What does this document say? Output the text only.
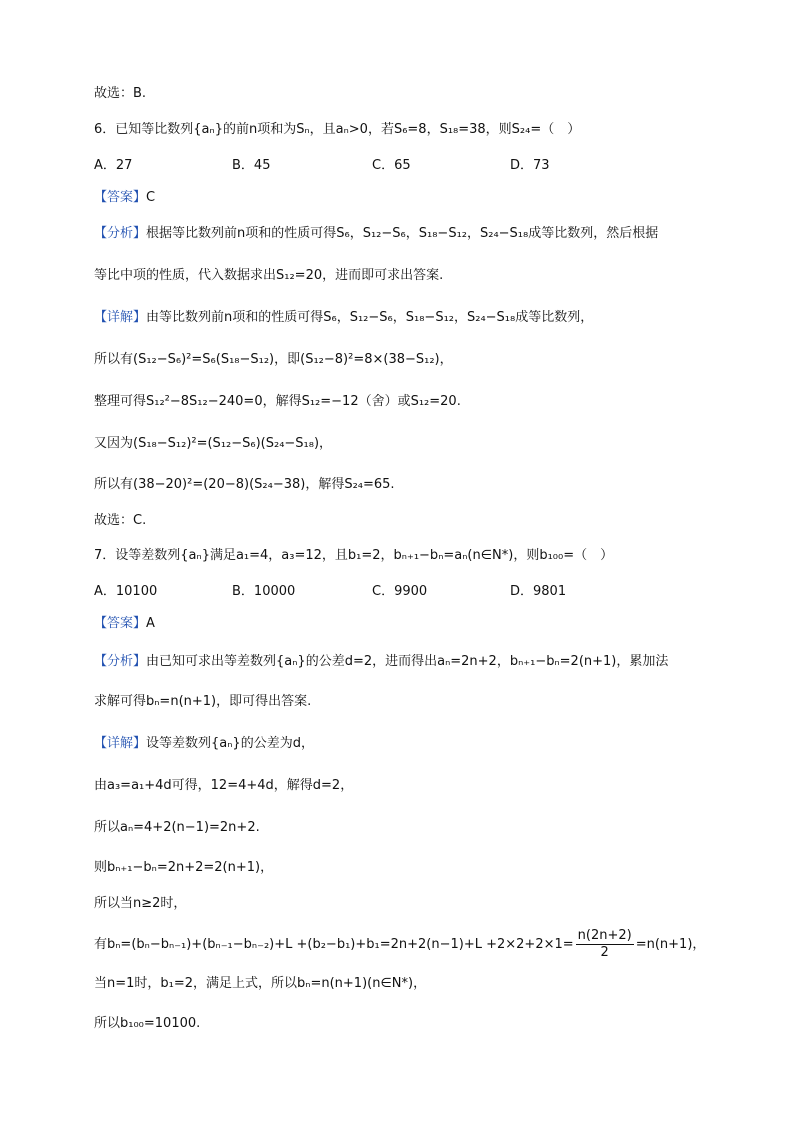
故选：B.
6．已知等比数列{aₙ}的前n项和为Sₙ，且aₙ>0，若S₆=8，S₁₈=38，则S₂₄=（　）
A．27	B．45	C．65	D．73
【答案】C
【分析】根据等比数列前n项和的性质可得S₆，S₁₂−S₆，S₁₈−S₁₂，S₂₄−S₁₈成等比数列，然后根据
等比中项的性质，代入数据求出S₁₂=20，进而即可求出答案.
【详解】由等比数列前n项和的性质可得S₆，S₁₂−S₆，S₁₈−S₁₂，S₂₄−S₁₈成等比数列，
所以有(S₁₂−S₆)²=S₆(S₁₈−S₁₂)，即(S₁₂−8)²=8×(38−S₁₂)，
整理可得S₁₂²−8S₁₂−240=0，解得S₁₂=−12（舍）或S₁₂=20.
又因为(S₁₈−S₁₂)²=(S₁₂−S₆)(S₂₄−S₁₈)，
所以有(38−20)²=(20−8)(S₂₄−38)，解得S₂₄=65.
故选：C.
7．设等差数列{aₙ}满足a₁=4，a₃=12，且b₁=2，bₙ₊₁−bₙ=aₙ(n∈N*)，则b₁₀₀=（　）
A．10100	B．10000	C．9900	D．9801
【答案】A
【分析】由已知可求出等差数列{aₙ}的公差d=2，进而得出aₙ=2n+2，bₙ₊₁−bₙ=2(n+1)，累加法
求解可得bₙ=n(n+1)，即可得出答案.
【详解】设等差数列{aₙ}的公差为d，
由a₃=a₁+4d可得，12=4+4d，解得d=2，
所以aₙ=4+2(n−1)=2n+2.
则bₙ₊₁−bₙ=2n+2=2(n+1)，
所以当n≥2时，
有$b_n=(b_n-b_{n-1})+(b_{n-1}-b_{n-2})+L +(b_2-b_1)+b_1=2n+2(n-1)+L +2\times 2+2\times 1= \frac{n(2n+2)}{2} =n(n+1)$，
当n=1时，b₁=2，满足上式，所以bₙ=n(n+1)(n∈N*)，
所以b₁₀₀=10100.
